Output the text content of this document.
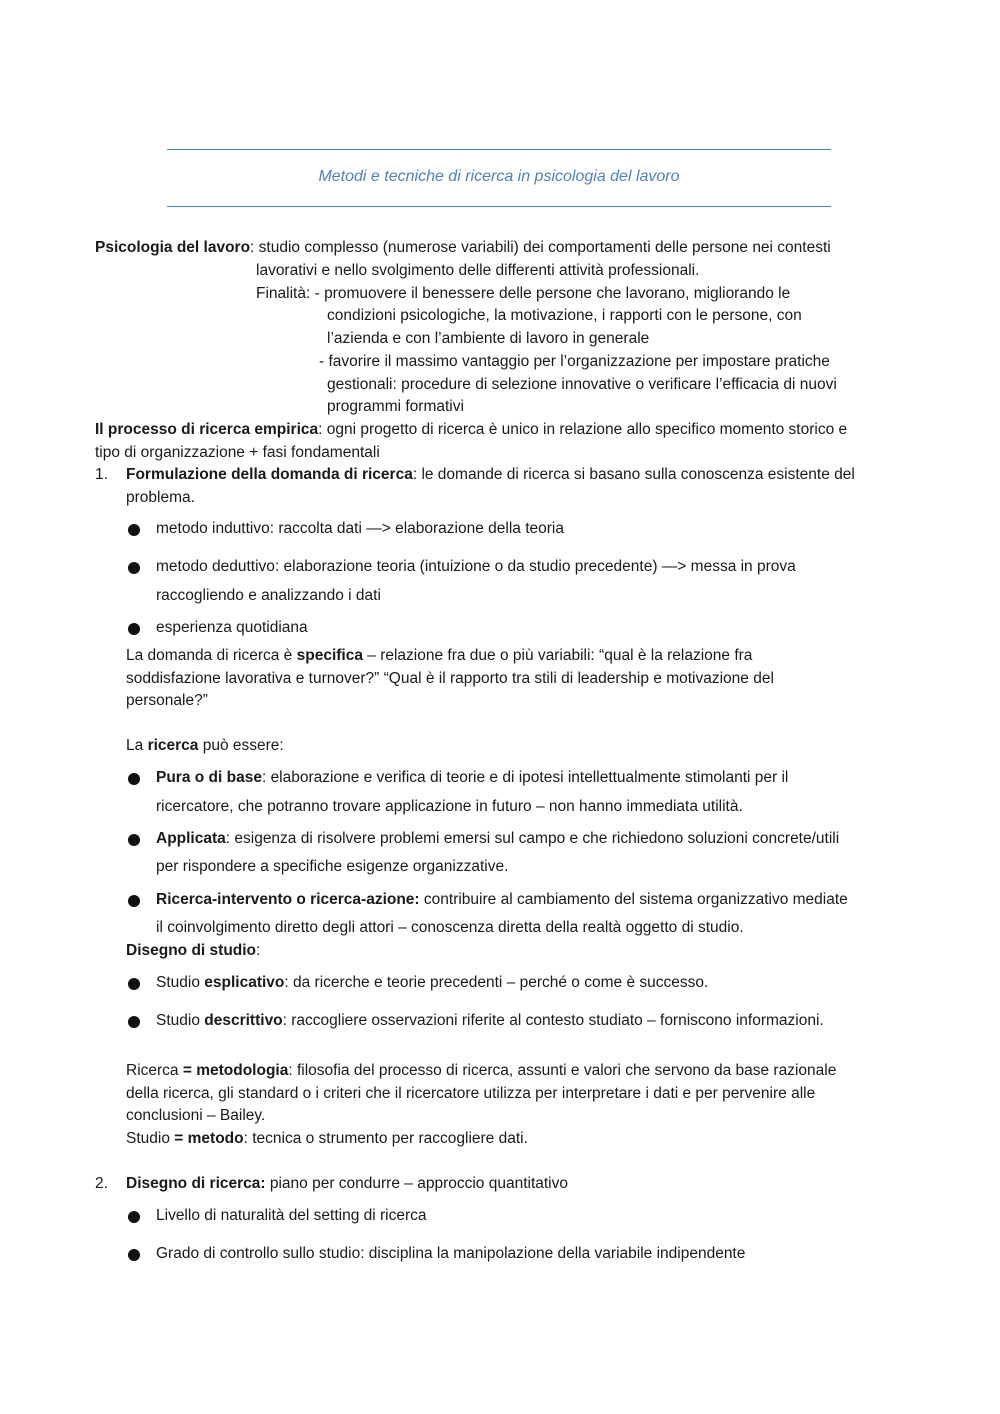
Metodi e tecniche di ricerca in psicologia del lavoro
Psicologia del lavoro: studio complesso (numerose variabili) dei comportamenti delle persone nei contesti
lavorativi e nello svolgimento delle differenti attività professionali.
Finalità: - promuovere il benessere delle persone che lavorano, migliorando le
condizioni psicologiche, la motivazione, i rapporti con le persone, con
l’azienda e con l’ambiente di lavoro in generale
- favorire il massimo vantaggio per l’organizzazione per impostare pratiche
gestionali: procedure di selezione innovative o verificare l’efficacia di nuovi
programmi formativi
Il processo di ricerca empirica: ogni progetto di ricerca è unico in relazione allo specifico momento storico e
tipo di organizzazione + fasi fondamentali
1. Formulazione della domanda di ricerca: le domande di ricerca si basano sulla conoscenza esistente del
problema.
metodo induttivo: raccolta dati —> elaborazione della teoria
metodo deduttivo: elaborazione teoria (intuizione o da studio precedente) —> messa in prova
raccogliendo e analizzando i dati
esperienza quotidiana
La domanda di ricerca è specifica – relazione fra due o più variabili: “qual è la relazione fra
soddisfazione lavorativa e turnover?” “Qual è il rapporto tra stili di leadership e motivazione del
personale?”
La ricerca può essere:
Pura o di base: elaborazione e verifica di teorie e di ipotesi intellettualmente stimolanti per il
ricercatore, che potranno trovare applicazione in futuro – non hanno immediata utilità.
Applicata: esigenza di risolvere problemi emersi sul campo e che richiedono soluzioni concrete/utili
per rispondere a specifiche esigenze organizzative.
Ricerca-intervento o ricerca-azione: contribuire al cambiamento del sistema organizzativo mediate
il coinvolgimento diretto degli attori – conoscenza diretta della realtà oggetto di studio.
Disegno di studio:
Studio esplicativo: da ricerche e teorie precedenti – perché o come è successo.
Studio descrittivo: raccogliere osservazioni riferite al contesto studiato – forniscono informazioni.
Ricerca = metodologia: filosofia del processo di ricerca, assunti e valori che servono da base razionale
della ricerca, gli standard o i criteri che il ricercatore utilizza per interpretare i dati e per pervenire alle
conclusioni – Bailey.
Studio = metodo: tecnica o strumento per raccogliere dati.
2. Disegno di ricerca: piano per condurre – approccio quantitativo
Livello di naturalità del setting di ricerca
Grado di controllo sullo studio: disciplina la manipolazione della variabile indipendente
